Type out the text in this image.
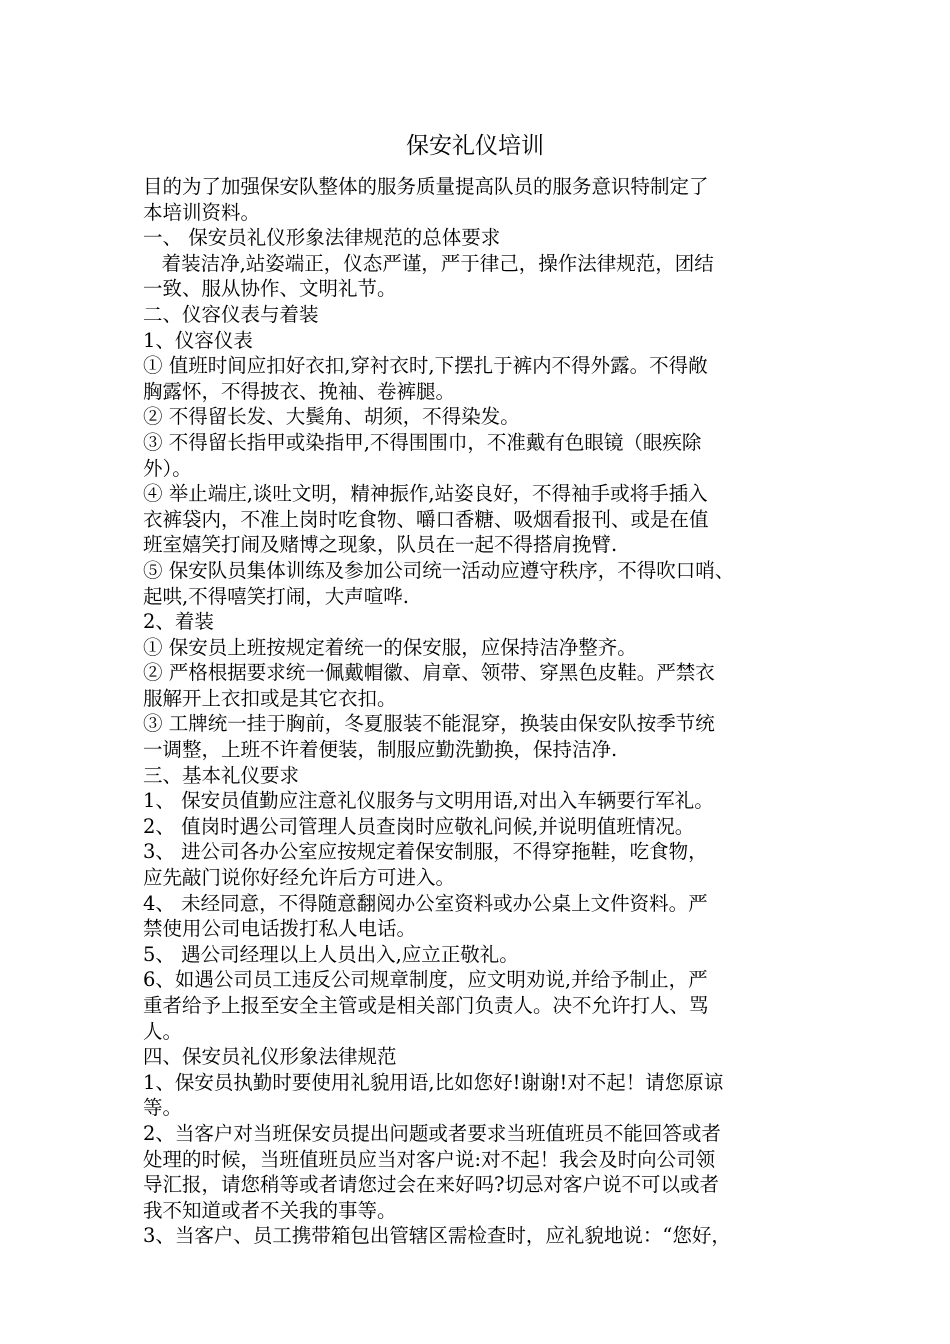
保安礼仪培训
目的为了加强保安队整体的服务质量提高队员的服务意识特制定了
本培训资料。
一、 保安员礼仪形象法律规范的总体要求
着装洁净,站姿端正，仪态严谨，严于律己，操作法律规范，团结
一致、服从协作、文明礼节。
二、仪容仪表与着装
1、仪容仪表
① 值班时间应扣好衣扣,穿衬衣时,下摆扎于裤内不得外露。不得敞
胸露怀，不得披衣、挽袖、卷裤腿。
② 不得留长发、大鬓角、胡须，不得染发。
③ 不得留长指甲或染指甲,不得围围巾，不准戴有色眼镜（眼疾除
外）。
④ 举止端庄,谈吐文明，精神振作,站姿良好，不得袖手或将手插入
衣裤袋内，不准上岗时吃食物、嚼口香糖、吸烟看报刊、或是在值
班室嬉笑打闹及赌博之现象，队员在一起不得搭肩挽臂.
⑤ 保安队员集体训练及参加公司统一活动应遵守秩序，不得吹口哨、
起哄,不得嘻笑打闹，大声喧哗.
2、着装
① 保安员上班按规定着统一的保安服，应保持洁净整齐。
② 严格根据要求统一佩戴帽徽、肩章、领带、穿黑色皮鞋。严禁衣
服解开上衣扣或是其它衣扣。
③ 工牌统一挂于胸前，冬夏服装不能混穿，换装由保安队按季节统
一调整，上班不许着便装，制服应勤洗勤换，保持洁净.
三、基本礼仪要求
1、 保安员值勤应注意礼仪服务与文明用语,对出入车辆要行军礼。
2、 值岗时遇公司管理人员查岗时应敬礼问候,并说明值班情况。
3、 进公司各办公室应按规定着保安制服，不得穿拖鞋，吃食物，
应先敲门说你好经允许后方可进入。
4、 未经同意，不得随意翻阅办公室资料或办公桌上文件资料。严
禁使用公司电话拨打私人电话。
5、 遇公司经理以上人员出入,应立正敬礼。
6、如遇公司员工违反公司规章制度，应文明劝说,并给予制止，严
重者给予上报至安全主管或是相关部门负责人。决不允许打人、骂
人。
四、保安员礼仪形象法律规范
1、保安员执勤时要使用礼貌用语,比如您好!谢谢!对不起！请您原谅
等。
2、当客户对当班保安员提出问题或者要求当班值班员不能回答或者
处理的时候，当班值班员应当对客户说:对不起！我会及时向公司领
导汇报，请您稍等或者请您过会在来好吗?切忌对客户说不可以或者
我不知道或者不关我的事等。
3、当客户、员工携带箱包出管辖区需检查时，应礼貌地说：“您好，
